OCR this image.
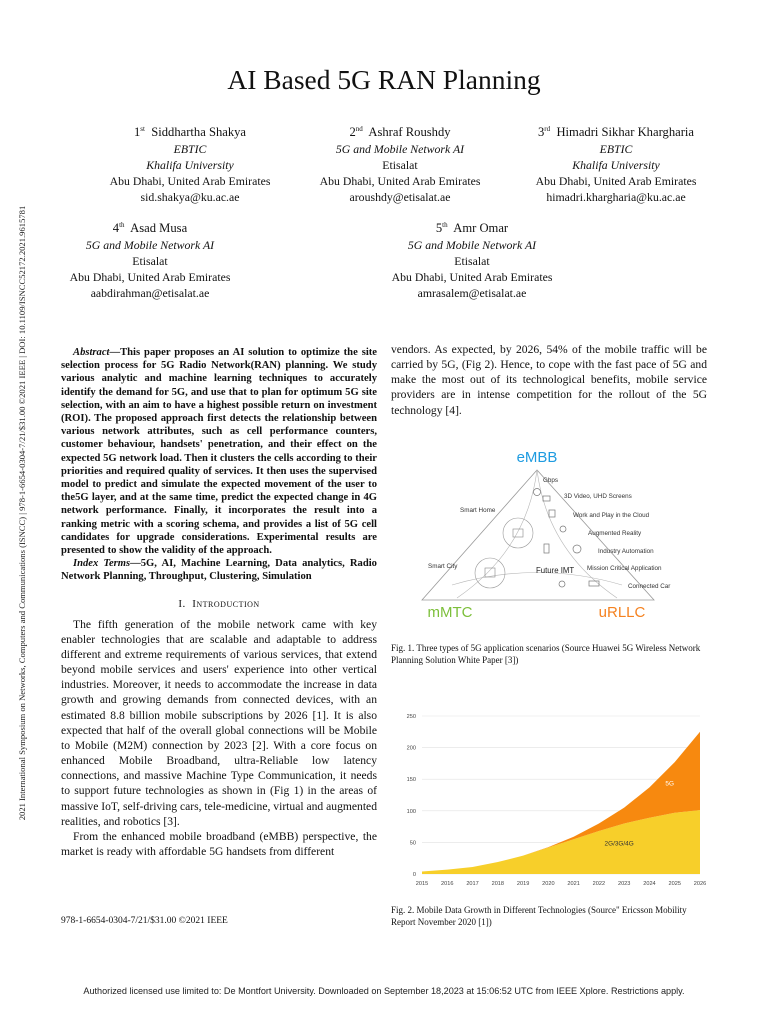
2021 International Symposium on Networks, Computers and Communications (ISNCC) | 978-1-6654-0304-7/21/$31.00 ©2021 IEEE | DOI: 10.1109/ISNCC52172.2021.9615781
AI Based 5G RAN Planning
1st Siddhartha Shakya
EBTIC
Khalifa University
Abu Dhabi, United Arab Emirates
sid.shakya@ku.ac.ae
2nd Ashraf Roushdy
5G and Mobile Network AI
Etisalat
Abu Dhabi, United Arab Emirates
aroushdy@etisalat.ae
3rd Himadri Sikhar Khargharia
EBTIC
Khalifa University
Abu Dhabi, United Arab Emirates
himadri.khargharia@ku.ac.ae
4th Asad Musa
5G and Mobile Network AI
Etisalat
Abu Dhabi, United Arab Emirates
aabdirahman@etisalat.ae
5th Amr Omar
5G and Mobile Network AI
Etisalat
Abu Dhabi, United Arab Emirates
amrasalem@etisalat.ae

Abstract—This paper proposes an AI solution to optimize the site selection process for 5G Radio Network(RAN) planning. We study various analytic and machine learning techniques to accurately identify the demand for 5G, and use that to plan for optimum 5G site selection, with an aim to have a highest possible return on investment (ROI). The proposed approach first detects the relationship between various network attributes, such as cell performance counters, customer behaviour, handsets' penetration, and their effect on the expected 5G network load. Then it clusters the cells according to their priorities and required quality of services. It then uses the supervised model to predict and simulate the expected movement of the user to the5G layer, and at the same time, predict the expected change in 4G network performance. Finally, it incorporates the result into a ranking metric with a scoring schema, and provides a list of 5G cell candidates for upgrade considerations. Experimental results are presented to show the validity of the approach.

Index Terms—5G, AI, Machine Learning, Data analytics, Radio Network Planning, Throughput, Clustering, Simulation

I. Introduction

The fifth generation of the mobile network came with key enabler technologies that are scalable and adaptable to address different and extreme requirements of various services, that extend beyond mobile services and users' experience into other vertical industries. Moreover, it needs to accommodate the increase in data growth and growing demands from connected devices, with an estimated 8.8 billion mobile subscriptions by 2026 [1]. It is also expected that half of the overall global connections will be Mobile to Mobile (M2M) connection by 2023 [2]. With a core focus on enhanced Mobile Broadband, ultra-Reliable low latency connections, and massive Machine Type Communication, it needs to support future technologies as shown in (Fig 1) in the areas of massive IoT, self-driving cars, tele-medicine, virtual and augmented realities, and robotics [3].

From the enhanced mobile broadband (eMBB) perspective, the market is ready with affordable 5G handsets from different

978-1-6654-0304-7/21/$31.00 ©2021 IEEE
vendors. As expected, by 2026, 54% of the mobile traffic will be carried by 5G, (Fig 2). Hence, to cope with the fast pace of 5G and make the most out of its technological benefits, mobile service providers are in intense competition for the rollout of the 5G technology [4].
eMBB
mMTC	uRLLC
Gbps
3D Video, UHD Screens
Smart Home
Work and Play in the Cloud
Augmented Reality
Industry Automation
Mission Critical Application
Smart City	Future IMT
Connected Car
Fig. 1. Three types of 5G application scenarios (Source Huawei 5G Wireless Network Planning Solution White Paper [3])
0
50
100
150
200
250
2G/3G/4G
5G
2015 2016 2017 2018 2019 2020 2021 2022 2023 2024 2025 2026
Fig. 2. Mobile Data Growth in Different Technologies (Source" Ericsson Mobility Report November 2020 [1])
Authorized licensed use limited to: De Montfort University. Downloaded on September 18,2023 at 15:06:52 UTC from IEEE Xplore. Restrictions apply.
